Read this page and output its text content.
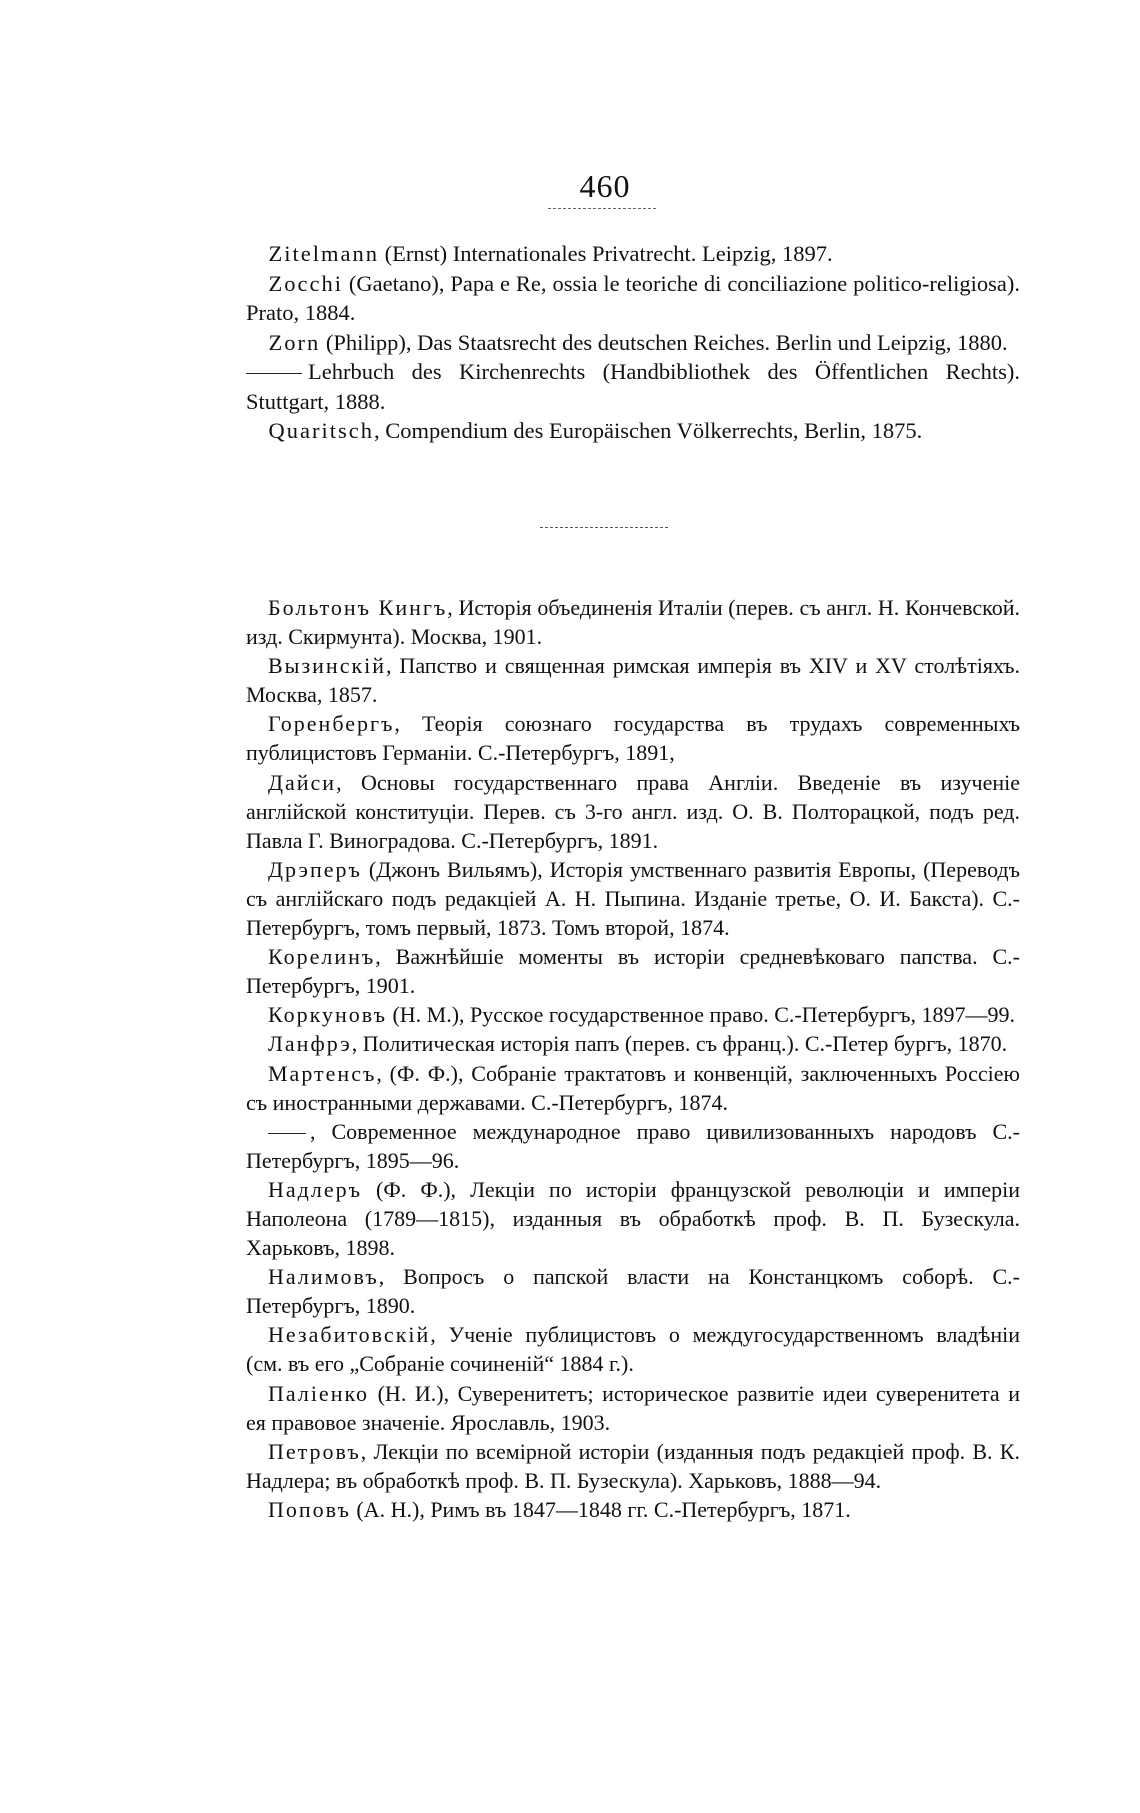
460

 Zitelmann (Ernst) Internationales Privatrecht. Leipzig, 1897.

 Zocchi (Gaetano), Papa e Re, ossia le teoriche di conciliazione politico-religiosa). Prato, 1884.

 Zorn (Philipp), Das Staatsrecht des deutschen Reiches. Berlin und Leipzig, 1880.

Lehrbuch des Kirchenrechts (Handbibliothek des Öffentlichen Rechts). Stuttgart, 1888.

 Quaritsch, Compendium des Europäischen Völkerrechts, Berlin, 1875.

 Больтонъ Кингъ, Исторія объединенія Италіи (перев. съ англ. Н. Кончевской. изд. Скирмунта). Москва, 1901.

 Вызинскій, Папство и священная римская имперія въ XIV и XV столѣтіяхъ. Москва, 1857.

 Горенбергъ, Теорія союзнаго государства въ трудахъ современныхъ публицистовъ Германіи. С.-Петербургъ, 1891,

 Дайси, Основы государственнаго права Англіи. Введеніе въ изученіе англійской конституціи. Перев. съ 3-го англ. изд. О. В. Полторацкой, подъ ред. Павла Г. Виноградова. С.-Петербургъ, 1891.

 Дрэперъ (Джонъ Вильямъ), Исторія умственнаго развитія Европы, (Переводъ съ англійскаго подъ редакціей А. Н. Пыпина. Изданіе третье, О. И. Бакста). С.-Петербургъ, томъ первый, 1873. Томъ второй, 1874.

 Корелинъ, Важнѣйшіе моменты въ исторіи средневѣковаго папства. С.-Петербургъ, 1901.

 Коркуновъ (Н. М.), Русское государственное право. С.-Петербургъ, 1897—99.

 Ланфрэ, Политическая исторія папъ (перев. съ франц.). С.-Петер бургъ, 1870.

 Мартенсъ, (Ф. Ф.), Собраніе трактатовъ и конвенцій, заключенныхъ Россіею съ иностранными державами. С.-Петербургъ, 1874.

 , Современное международное право цивилизованныхъ народовъ С.-Петербургъ, 1895—96.

 Надлеръ (Ф. Ф.), Лекціи по исторіи французской революціи и имперіи Наполеона (1789—1815), изданныя въ обработкѣ проф. В. П. Бузескула. Харьковъ, 1898.

 Налимовъ, Вопросъ о папской власти на Констанцкомъ соборѣ. С.-Петербургъ, 1890.

 Незабитовскій, Ученіе публицистовъ о междугосударственномъ владѣніи (см. въ его „Собраніе сочиненій“ 1884 г.).

 Паліенко (Н. И.), Суверенитетъ; историческое развитіе идеи суверенитета и ея правовое значеніе. Ярославль, 1903.

 Петровъ, Лекціи по всемірной исторіи (изданныя подъ редакціей проф. В. К. Надлера; въ обработкѣ проф. В. П. Бузескула). Харьковъ, 1888—94.

 Поповъ (А. Н.), Римъ въ 1847—1848 гг. С.-Петербургъ, 1871.
